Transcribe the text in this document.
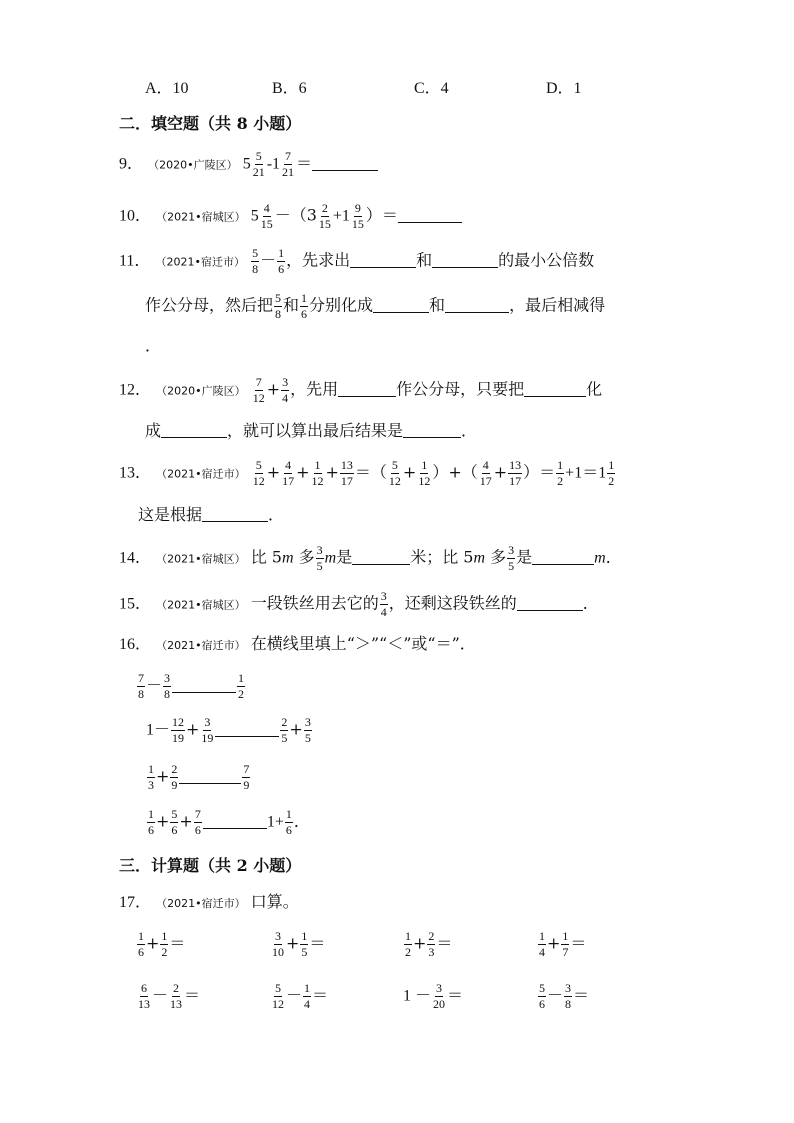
A．10	B．6	C．4	D．1
二．填空题（共 8 小题）
9． （2020•广陵区） $5 \frac{5}{21} -1 \frac{7}{21}$ ＝
10． （2021•宿城区） $5 \frac{4}{15} -(3 \frac{2}{15} +1 \frac{9}{15}$ ）＝
11． （2021•宿迁市） $\frac{5}{8} - \frac{1}{6}$ ，先求出	和	的最小公倍数
作公分母，然后把 $\frac{5}{8}$ 和 $\frac{1}{6}$ 分别化成	和	，最后相减得
．
12． （2020•广陵区） $\frac{7}{12} + \frac{3}{4}$ ，先用	作公分母，只要把	化
成	，就可以算出最后结果是	．
13． （2021•宿迁市） $\frac{5}{12} + \frac{4}{17} + \frac{1}{12} + \frac{13}{17}$ ＝（ $\frac{5}{12} + \frac{1}{12}$ ）+（ $\frac{4}{17} + \frac{13}{17}$ ）＝ $\frac{1}{2} +1=1 \frac{1}{2}$
这是根据	．
14． （2021•宿城区） 比 5m 多 $\frac{3}{5}$ m是	米；比 5m 多 $\frac{3}{5}$ 是	m．
15． （2021•宿城区） 一段铁丝用去它的 $\frac{3}{4}$ ，还剩这段铁丝的	．
16． （2021•宿迁市） 在横线里填上“＞”“＜”或“＝”．
$\frac{7}{8} - \frac{3}{8}$	$\frac{1}{2}$
$1- \frac{12}{19} + \frac{3}{19}$	$\frac{2}{5} + \frac{3}{5}$
$\frac{1}{3} + \frac{2}{9}$	$\frac{7}{9}$
$\frac{1}{6} + \frac{5}{6} + \frac{7}{6}$	$1+ \frac{1}{6}$ ．
三．计算题（共 2 小题）
17． （2021•宿迁市） 口算。
$\frac{1}{6} + \frac{1}{2}$ ＝	$\frac{3}{10} + \frac{1}{5}$ ＝	$\frac{1}{2} + \frac{2}{3}$ ＝	$\frac{1}{4} + \frac{1}{7}$ ＝
$\frac{6}{13} - \frac{2}{13}$ ＝	$\frac{5}{12} - \frac{1}{4}$ ＝	$1 - \frac{3}{20}$ ＝	$\frac{5}{6} - \frac{3}{8}$ ＝
